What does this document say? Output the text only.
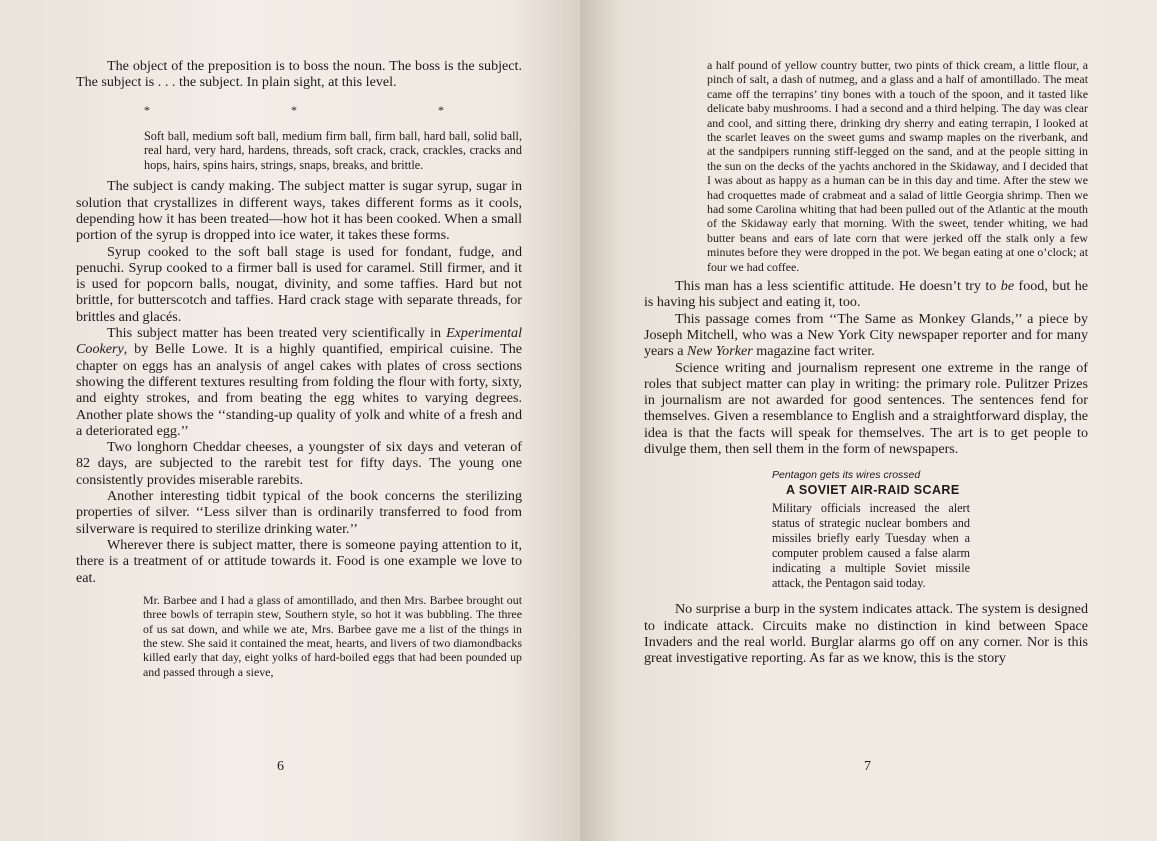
The object of the preposition is to boss the noun. The boss is the subject. The subject is . . . the subject. In plain sight, at this level.

*	*	*

Soft ball, medium soft ball, medium firm ball, firm ball, hard ball, solid ball, real hard, very hard, hardens, threads, soft crack, crack, crackles, cracks and hops, hairs, spins hairs, strings, snaps, breaks, and brittle.

The subject is candy making. The subject matter is sugar syrup, sugar in solution that crystallizes in different ways, takes different forms as it cools, depending how it has been treated—how hot it has been cooked. When a small portion of the syrup is dropped into ice water, it takes these forms.

Syrup cooked to the soft ball stage is used for fondant, fudge, and penuchi. Syrup cooked to a firmer ball is used for caramel. Still firmer, and it is used for popcorn balls, nougat, divinity, and some taffies. Hard but not brittle, for butterscotch and taffies. Hard crack stage with separate threads, for brittles and glacés.

This subject matter has been treated very scientifically in Experimental Cookery, by Belle Lowe. It is a highly quantified, empirical cuisine. The chapter on eggs has an analysis of angel cakes with plates of cross sections showing the different textures resulting from folding the flour with forty, sixty, and eighty strokes, and from beating the egg whites to varying degrees. Another plate shows the ‘‘standing-up quality of yolk and white of a fresh and a deteriorated egg.’’

Two longhorn Cheddar cheeses, a youngster of six days and veteran of 82 days, are subjected to the rarebit test for fifty days. The young one consistently provides miserable rarebits.

Another interesting tidbit typical of the book concerns the sterilizing properties of silver. ‘‘Less silver than is ordinarily transferred to food from silverware is required to sterilize drinking water.’’

Wherever there is subject matter, there is someone paying attention to it, there is a treatment of or attitude towards it. Food is one example we love to eat.

Mr. Barbee and I had a glass of amontillado, and then Mrs. Barbee brought out three bowls of terrapin stew, Southern style, so hot it was bubbling. The three of us sat down, and while we ate, Mrs. Barbee gave me a list of the things in the stew. She said it contained the meat, hearts, and livers of two diamondbacks killed early that day, eight yolks of hard-boiled eggs that had been pounded up and passed through a sieve,

6

a half pound of yellow country butter, two pints of thick cream, a little flour, a pinch of salt, a dash of nutmeg, and a glass and a half of amontillado. The meat came off the terrapins’ tiny bones with a touch of the spoon, and it tasted like delicate baby mushrooms. I had a second and a third helping. The day was clear and cool, and sitting there, drinking dry sherry and eating terrapin, I looked at the scarlet leaves on the sweet gums and swamp maples on the riverbank, and at the sandpipers running stiff-legged on the sand, and at the people sitting in the sun on the decks of the yachts anchored in the Skidaway, and I decided that I was about as happy as a human can be in this day and time. After the stew we had croquettes made of crabmeat and a salad of little Georgia shrimp. Then we had some Carolina whiting that had been pulled out of the Atlantic at the mouth of the Skidaway early that morning. With the sweet, tender whiting, we had butter beans and ears of late corn that were jerked off the stalk only a few minutes before they were dropped in the pot. We began eating at one o’clock; at four we had coffee.

This man has a less scientific attitude. He doesn’t try to be food, but he is having his subject and eating it, too.

This passage comes from ‘‘The Same as Monkey Glands,’’ a piece by Joseph Mitchell, who was a New York City newspaper reporter and for many years a New Yorker magazine fact writer.

Science writing and journalism represent one extreme in the range of roles that subject matter can play in writing: the primary role. Pulitzer Prizes in journalism are not awarded for good sentences. The sentences fend for themselves. Given a resemblance to English and a straightforward display, the idea is that the facts will speak for themselves. The art is to get people to divulge them, then sell them in the form of newspapers.

Pentagon gets its wires crossed
A SOVIET AIR-RAID SCARE
Military officials increased the alert status of strategic nuclear bombers and missiles briefly early Tuesday when a computer problem caused a false alarm indicating a multiple Soviet missile attack, the Pentagon said today.

No surprise a burp in the system indicates attack. The system is designed to indicate attack. Circuits make no distinction in kind between Space Invaders and the real world. Burglar alarms go off on any corner. Nor is this great investigative reporting. As far as we know, this is the story

7
